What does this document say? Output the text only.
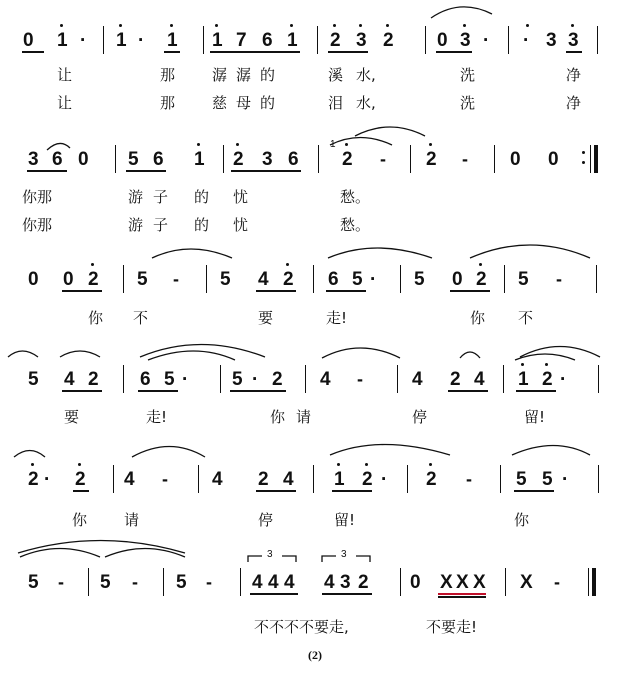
0 1 · 1 · 1 1 7 6 1 2 3 2 0 3 · · 3 3
让	那 潺 潺 的	溪 水,	洗	净
让	那 慈 母 的	泪 水,	洗	净
3 6 0 5 6 1 2 3 6
1
2 - 2 - 0 0
你那	游 子 的 忧	愁。
你那	游 子 的 忧	愁。
0 0 2 5 - 5 4 2 6 5 · 5 0 2 5 -
你 不	要	走!	你 不
5 4 2 6 5 · 5 · 2 4 -	4 2 4 1 2 ·
要	走!	你 请	停	留!
2 · 2 4 - 4 2 4 1 2 · 2 - 5 5 ·
你 请	停	留!	你
5 - 5 - 5 -
3	3
4 4 4 4 3 2 0 X X X X -
不不不不要走,	不要走!
(2)
